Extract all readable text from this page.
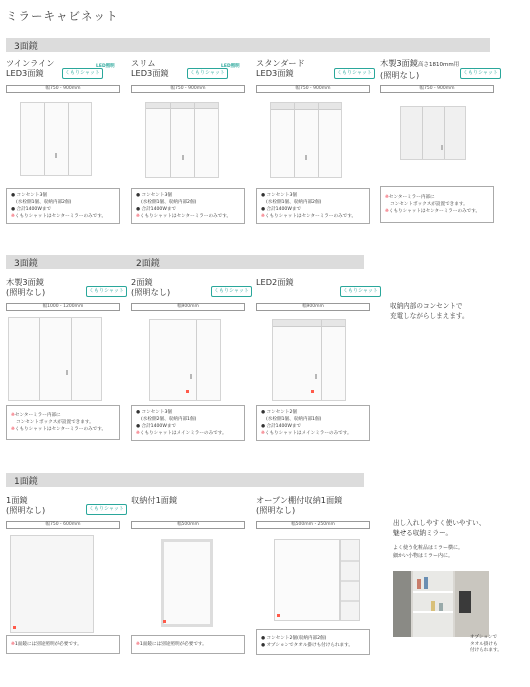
ミラーキャビネット
3面鏡
ツインライン
LED3面鏡	くもりシャット
LED照明
幅750・900mm
● コンセント3個
(水栓側1個、収納内部2個)
● 合計1400Wまで
※ くもりシャットはセンターミラーのみです。
スリム
LED3面鏡	くもりシャット
LED照明
幅750・900mm
● コンセント3個
(水栓側1個、収納内部2個)
● 合計1400Wまで
※ くもりシャットはセンターミラーのみです。
スタンダード
LED3面鏡	くもりシャット
幅750・900mm
● コンセント3個
(水栓側1個、収納内部2個)
● 合計1400Wまで
※ くもりシャットはセンターミラーのみです。
木製3面鏡高さ1810mm用
(照明なし)	くもりシャット
幅750・900mm
※ センターミラー内部に
コンセントボックスが設置できます。
※ くもりシャットはセンターミラーのみです。
3面鏡	2面鏡
木製3面鏡
(照明なし)	くもりシャット
幅1000・1200mm
※ センターミラー内部に
コンセントボックスが設置できます。
※ くもりシャットはセンターミラーのみです。
2面鏡
(照明なし)	くもりシャット
幅900mm
● コンセント3個
(水栓側2個、収納内部1個)
● 合計1400Wまで
※ くもりシャットはメインミラーのみです。
LED2面鏡
くもりシャット
幅900mm
● コンセント2個
(水栓側1個、収納内部1個)
● 合計1400Wまで
※ くもりシャットはメインミラーのみです。
収納内部のコンセントで
充電しながらしまえます。
1面鏡
1面鏡
(照明なし)	くもりシャット
幅750・600mm
※ 1面鏡には別途照明が必要です。
収納付1面鏡
幅500mm
※ 1面鏡には別途照明が必要です。
オープン棚付収納1面鏡
(照明なし)
幅500mm・250mm
● コンセント2個(収納内部2個)
● オプションでタオル掛けも付けられます。
出し入れしやすく使いやすい、
魅せる収納ミラー。
よく使う化粧品はミラー横に。
細かい小物はミラー内に。
オプションで
タオル掛けも
付けられます。
